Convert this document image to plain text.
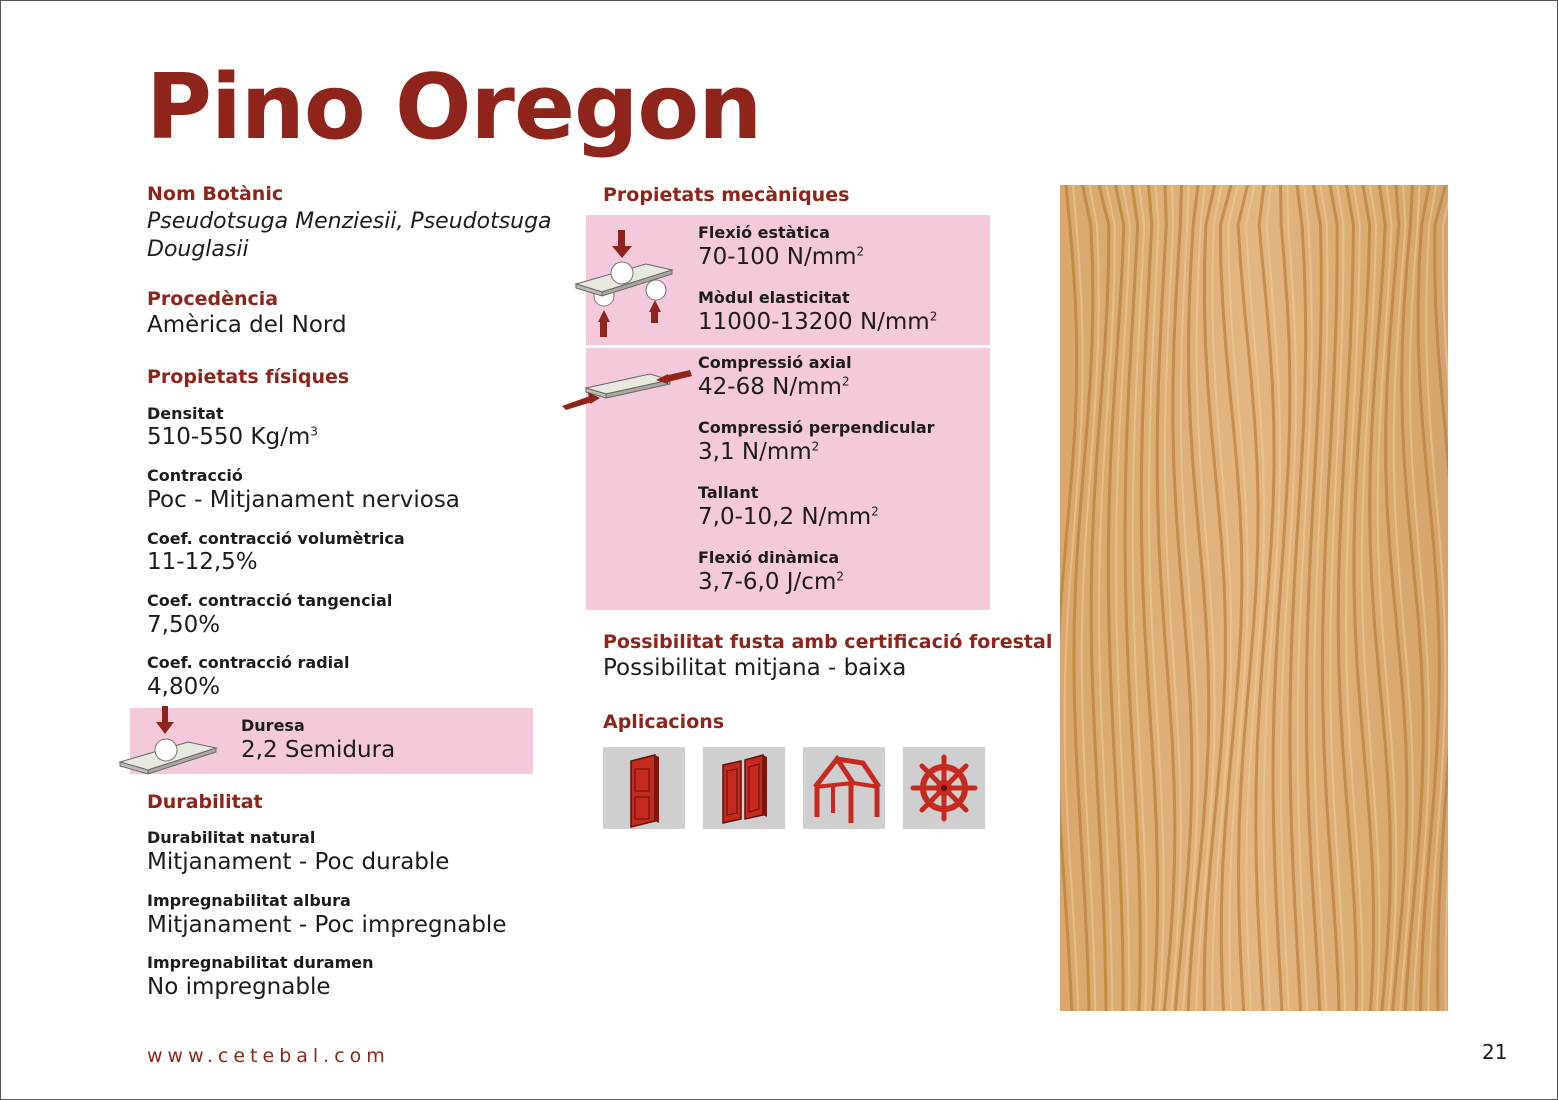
Pino Oregon
Nom Botànic
Pseudotsuga Menziesii, Pseudotsuga
Douglasii
Procedència
Amèrica del Nord
Propietats físiques
Densitat
510-550 $Kg/m^3$
Contracció
Poc - Mitjanament nerviosa
Coef. contracció volumètrica
11-12,5%
Coef. contracció tangencial
7,50%
Coef. contracció radial
4,80%
Duresa
2,2 Semidura
Durabilitat
Durabilitat natural
Mitjanament - Poc durable
Impregnabilitat albura
Mitjanament - Poc impregnable
Impregnabilitat duramen
No impregnable
Propietats mecàniques
Flexió estàtica
70-100 $N/mm^2$
Mòdul elasticitat
11000-13200 $N/mm^2$
Compressió axial
42-68 $N/mm^2$
Compressió perpendicular
3,1 $N/mm^2$
Tallant
7,0-10,2 $N/mm^2$
Flexió dinàmica
3,7-6,0 $J/cm^2$
Possibilitat fusta amb certificació forestal
Possibilitat mitjana - baixa
Aplicacions
www.cetebal.com	21
